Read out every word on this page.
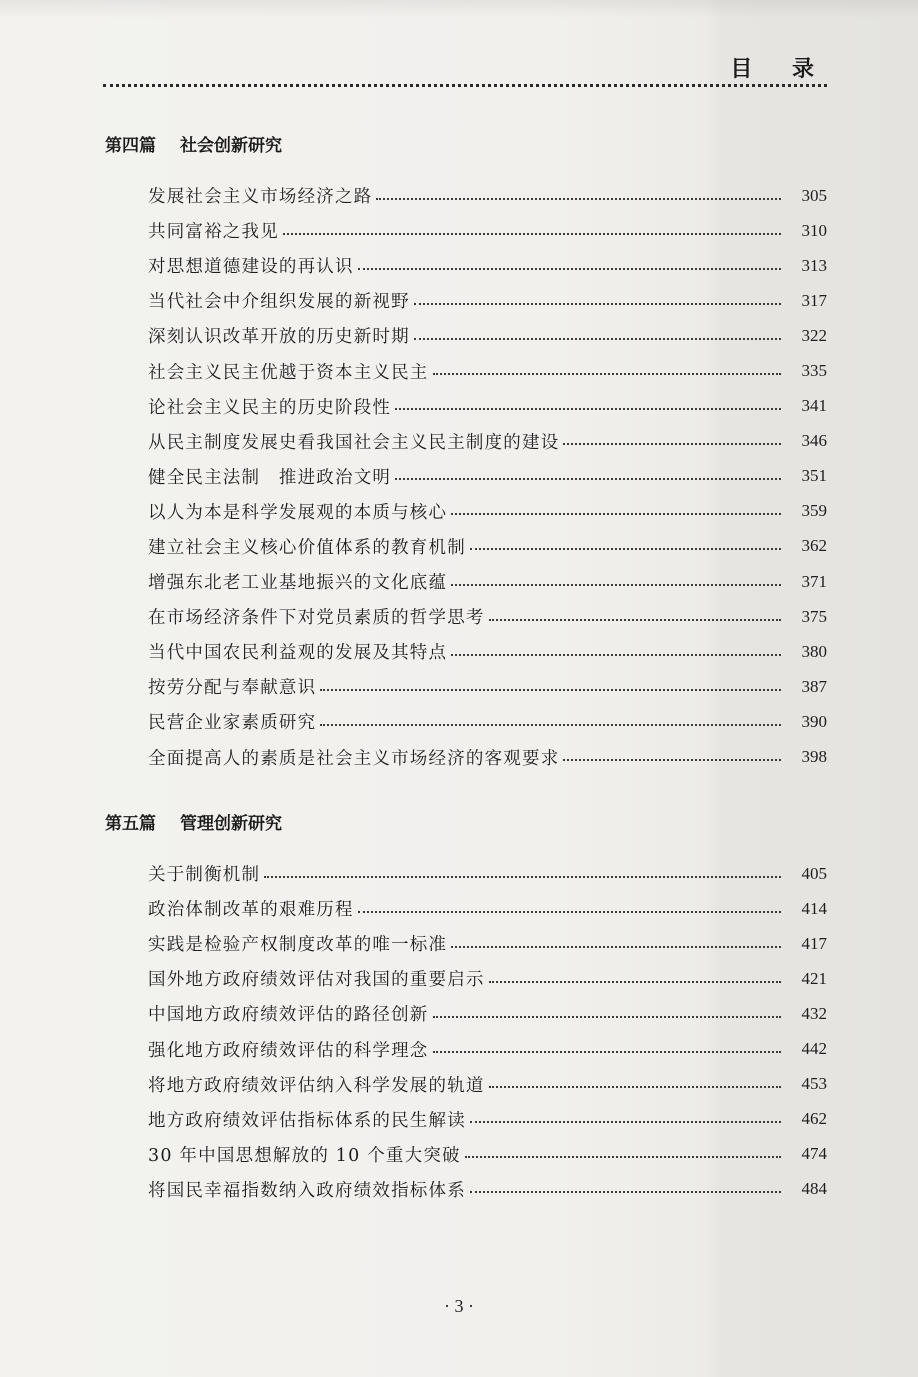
目 录
第四篇 社会创新研究
发展社会主义市场经济之路	305
共同富裕之我见	310
对思想道德建设的再认识	313
当代社会中介组织发展的新视野	317
深刻认识改革开放的历史新时期	322
社会主义民主优越于资本主义民主	335
论社会主义民主的历史阶段性	341
从民主制度发展史看我国社会主义民主制度的建设	346
健全民主法制　推进政治文明	351
以人为本是科学发展观的本质与核心	359
建立社会主义核心价值体系的教育机制	362
增强东北老工业基地振兴的文化底蕴	371
在市场经济条件下对党员素质的哲学思考	375
当代中国农民利益观的发展及其特点	380
按劳分配与奉献意识	387
民营企业家素质研究	390
全面提高人的素质是社会主义市场经济的客观要求	398
第五篇 管理创新研究
关于制衡机制	405
政治体制改革的艰难历程	414
实践是检验产权制度改革的唯一标准	417
国外地方政府绩效评估对我国的重要启示	421
中国地方政府绩效评估的路径创新	432
强化地方政府绩效评估的科学理念	442
将地方政府绩效评估纳入科学发展的轨道	453
地方政府绩效评估指标体系的民生解读	462
30 年中国思想解放的 10 个重大突破	474
将国民幸福指数纳入政府绩效指标体系	484
· 3 ·
